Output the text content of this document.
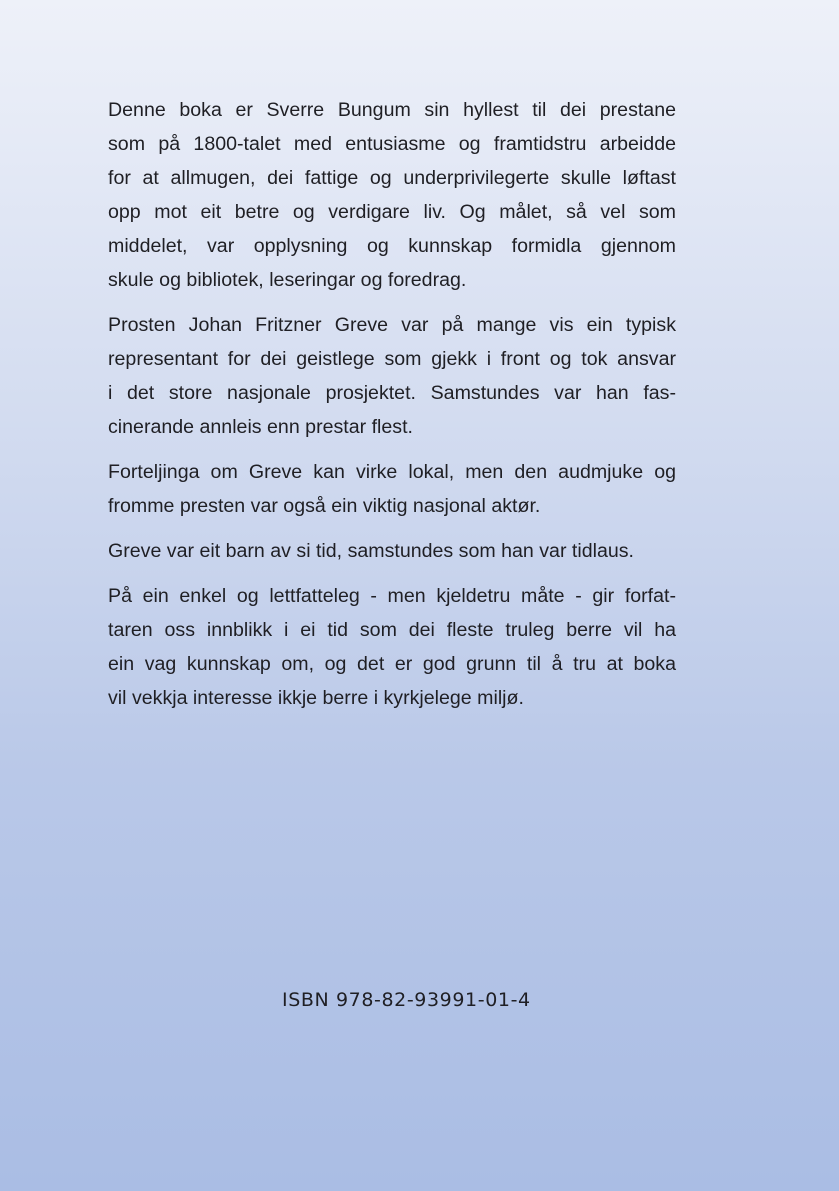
Denne boka er Sverre Bungum sin hyllest til dei prestane
som på 1800-talet med entusiasme og framtidstru arbeidde
for at allmugen, dei fattige og underprivilegerte skulle løftast
opp mot eit betre og verdigare liv. Og målet, så vel som
middelet, var opplysning og kunnskap formidla gjennom
skule og bibliotek, leseringar og foredrag.

Prosten Johan Fritzner Greve var på mange vis ein typisk
representant for dei geistlege som gjekk i front og tok ansvar
i det store nasjonale prosjektet. Samstundes var han fas-
cinerande annleis enn prestar flest.

Forteljinga om Greve kan virke lokal, men den audmjuke og
fromme presten var også ein viktig nasjonal aktør.

Greve var eit barn av si tid, samstundes som han var tidlaus.

På ein enkel og lettfatteleg - men kjeldetru måte - gir forfat-
taren oss innblikk i ei tid som dei fleste truleg berre vil ha
ein vag kunnskap om, og det er god grunn til å tru at boka
vil vekkja interesse ikkje berre i kyrkjelege miljø.

ISBN 978-82-93991-01-4
